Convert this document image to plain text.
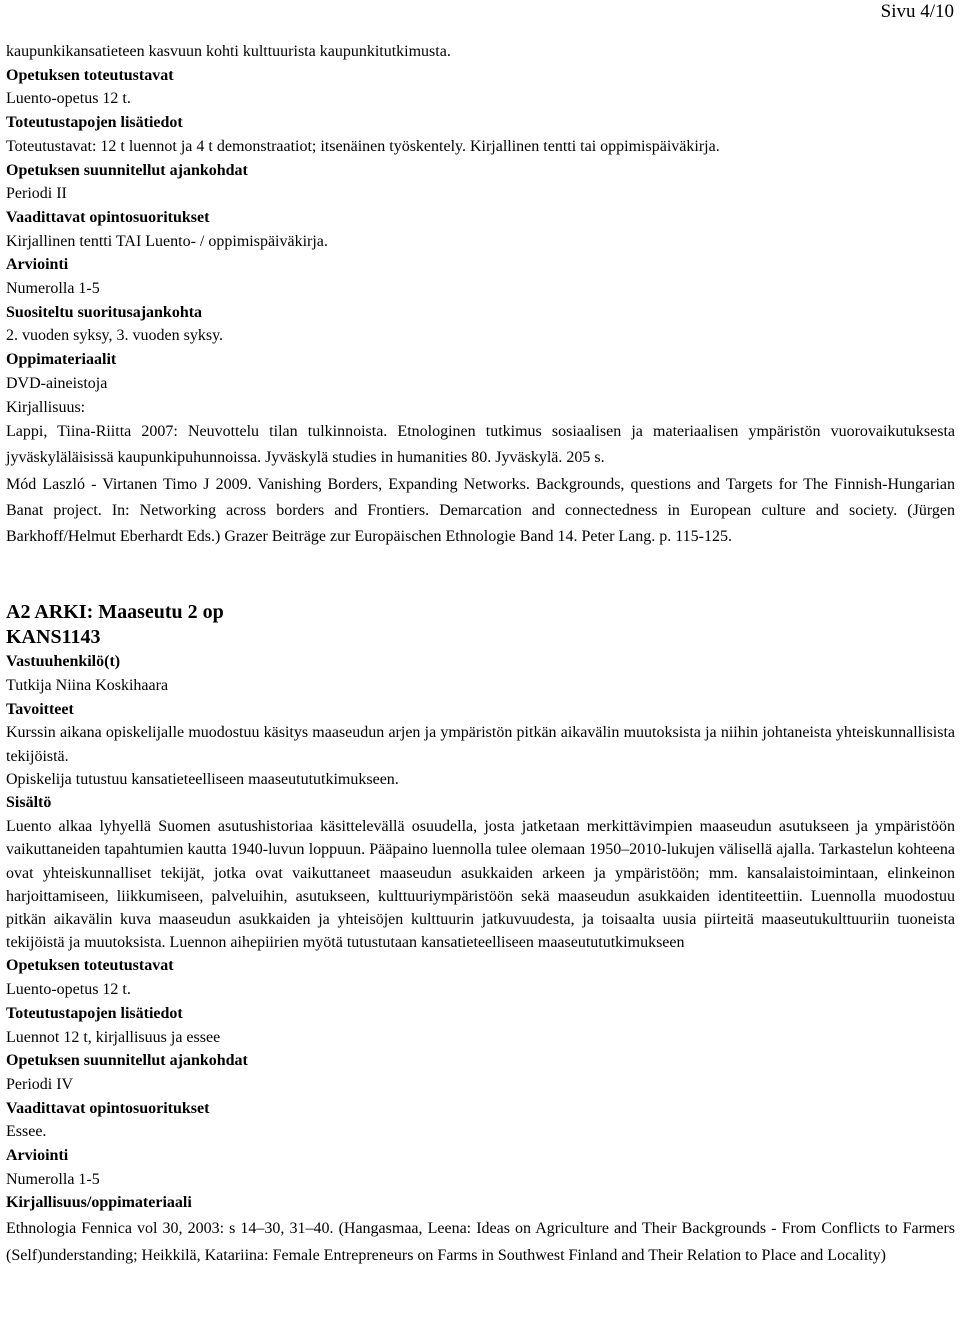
Sivu 4/10
kaupunkikansatieteen kasvuun kohti kulttuurista kaupunkitutkimusta.
Opetuksen toteutustavat
Luento-opetus 12 t.
Toteutustapojen lisätiedot
Toteutustavat: 12 t luennot ja 4 t demonstraatiot; itsenäinen työskentely. Kirjallinen tentti tai oppimispäiväkirja.
Opetuksen suunnitellut ajankohdat
Periodi II
Vaadittavat opintosuoritukset
Kirjallinen tentti TAI Luento- / oppimispäiväkirja.
Arviointi
Numerolla 1-5
Suositeltu suoritusajankohta
2. vuoden syksy, 3. vuoden syksy.
Oppimateriaalit
DVD-aineistoja
Kirjallisuus:
Lappi, Tiina-Riitta 2007: Neuvottelu tilan tulkinnoista. Etnologinen tutkimus sosiaalisen ja materiaalisen ympäristön vuorovaikutuksesta jyväskyläläisissä kaupunkipuhunnoissa. Jyväskylä studies in humanities 80. Jyväskylä. 205 s.
Mód Laszló - Virtanen Timo J 2009. Vanishing Borders, Expanding Networks. Backgrounds, questions and Targets for The Finnish-Hungarian Banat project. In: Networking across borders and Frontiers. Demarcation and connectedness in European culture and society. (Jürgen Barkhoff/Helmut Eberhardt Eds.) Grazer Beiträge zur Europäischen Ethnologie Band 14. Peter Lang. p. 115-125.
A2 ARKI: Maaseutu 2 op
KANS1143
Vastuuhenkilö(t)
Tutkija Niina Koskihaara
Tavoitteet
Kurssin aikana opiskelijalle muodostuu käsitys maaseudun arjen ja ympäristön pitkän aikavälin muutoksista ja niihin johtaneista yhteiskunnallisista tekijöistä.
Opiskelija tutustuu kansatieteelliseen maaseutututkimukseen.
Sisältö
Luento alkaa lyhyellä Suomen asutushistoriaa käsittelevällä osuudella, josta jatketaan merkittävimpien maaseudun asutukseen ja ympäristöön vaikuttaneiden tapahtumien kautta 1940-luvun loppuun. Pääpaino luennolla tulee olemaan 1950–2010-lukujen välisellä ajalla. Tarkastelun kohteena ovat yhteiskunnalliset tekijät, jotka ovat vaikuttaneet maaseudun asukkaiden arkeen ja ympäristöön; mm. kansalaistoimintaan, elinkeinon harjoittamiseen, liikkumiseen, palveluihin, asutukseen, kulttuuriympäristöön sekä maaseudun asukkaiden identiteettiin. Luennolla muodostuu pitkän aikavälin kuva maaseudun asukkaiden ja yhteisöjen kulttuurin jatkuvuudesta, ja toisaalta uusia piirteitä maaseutukulttuuriin tuoneista tekijöistä ja muutoksista. Luennon aihepiirien myötä tutustutaan kansatieteelliseen maaseutututkimukseen
Opetuksen toteutustavat
Luento-opetus 12 t.
Toteutustapojen lisätiedot
Luennot 12 t, kirjallisuus ja essee
Opetuksen suunnitellut ajankohdat
Periodi IV
Vaadittavat opintosuoritukset
Essee.
Arviointi
Numerolla 1-5
Kirjallisuus/oppimateriaali
Ethnologia Fennica vol 30, 2003: s 14–30, 31–40. (Hangasmaa, Leena: Ideas on Agriculture and Their Backgrounds - From Conflicts to Farmers (Self)understanding; Heikkilä, Katariina: Female Entrepreneurs on Farms in Southwest Finland and Their Relation to Place and Locality)
